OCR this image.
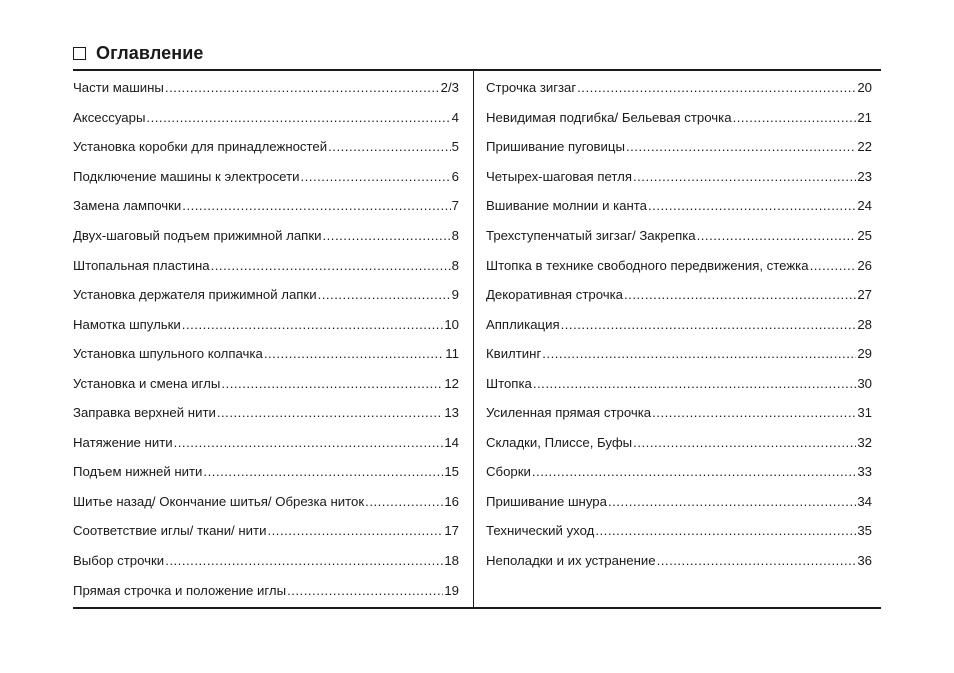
Оглавление
Части машины .....	2/3
Аксессуары .....	4
Установка коробки для принадлежностей .....	5
Подключение машины к электросети .....	6
Замена лампочки .....	7
Двух-шаговый подъем прижимной лапки .....	8
Штопальная пластина .....	8
Установка держателя прижимной лапки .....	9
Намотка шпульки .....	10
Установка шпульного колпачка .....	11
Установка и смена иглы .....	12
Заправка верхней нити .....	13
Натяжение нити .....	14
Подъем нижней нити .....	15
Шитье назад/ Окончание шитья/ Обрезка ниток .....	16
Соответствие иглы/ ткани/ нити .....	17
Выбор строчки .....	18
Прямая строчка и положение иглы .....	19
Строчка зигзаг .....	20
Невидимая подгибка/ Бельевая строчка .....	21
Пришивание пуговицы .....	22
Четырех-шаговая петля .....	23
Вшивание молнии и канта .....	24
Трехступенчатый зигзаг/ Закрепка .....	25
Штопка в технике свободного передвижения, стежка .....	26
Декоративная строчка .....	27
Аппликация .....	28
Квилтинг .....	29
Штопка .....	30
Усиленная прямая строчка .....	31
Складки, Плиссе, Буфы .....	32
Сборки .....	33
Пришивание шнура .....	34
Технический уход .....	35
Неполадки и их устранение .....	36
